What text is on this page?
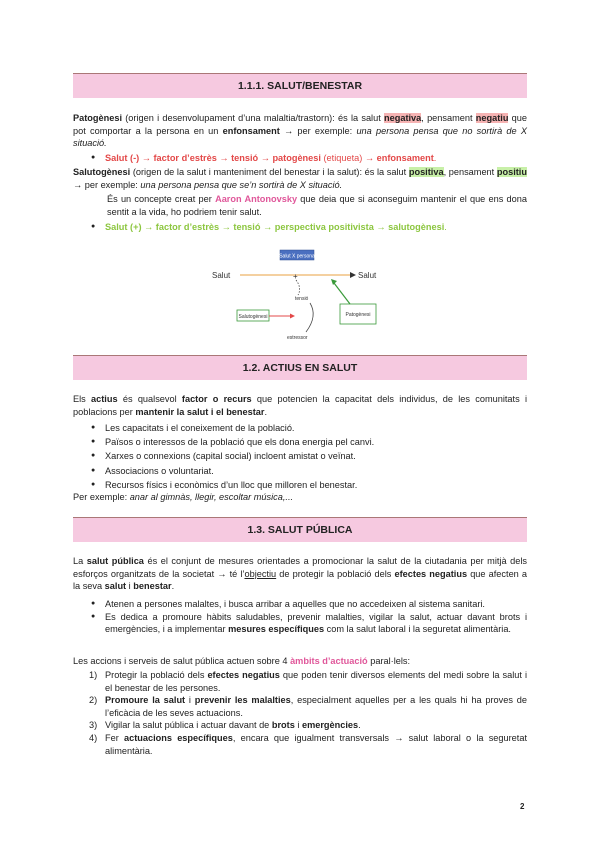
1.1.1. SALUT/BENESTAR
Patogènesi (origen i desenvolupament d’una malaltia/trastorn): és la salut negativa, pensament negatiu que pot comportar a la persona en un enfonsament → per exemple: una persona pensa que no sortirà de X situació.
● Salut (-) → factor d’estrès → tensió → patogènesi (etiqueta) → enfonsament.
Salutogènesi (origen de la salut i manteniment del benestar i la salut): és la salut positiva, pensament positiu → per exemple: una persona pensa que se’n sortirà de X situació.
És un concepte creat per Aaron Antonovsky que deia que si aconseguim mantenir el que ens dona sentit a la vida, ho podriem tenir salut.
● Salut (+) → factor d’estrès → tensió → perspectiva positivista → salutogènesi.
Salut X persona
Salut	Salut
+
tensió
estressor
Salutogènesi	Patogènesi
1.2. ACTIUS EN SALUT
Els actius és qualsevol factor o recurs que potencien la capacitat dels individus, de les comunitats i poblacions per mantenir la salut i el benestar.
● Les capacitats i el coneixement de la població.
● Països o interessos de la població que els dona energia pel canvi.
● Xarxes o connexions (capital social) incloent amistat o veïnat.
● Associacions o voluntariat.
● Recursos físics i econòmics d’un lloc que milloren el benestar.
Per exemple: anar al gimnàs, llegir, escoltar música,...
1.3. SALUT PÚBLICA
La salut pública és el conjunt de mesures orientades a promocionar la salut de la ciutadania per mitjà dels esforços organitzats de la societat → té l’objectiu de protegir la població dels efectes negatius que afecten a la seva salut i benestar.
● Atenen a persones malaltes, i busca arribar a aquelles que no accedeixen al sistema sanitari.
● Es dedica a promoure hàbits saludables, prevenir malalties, vigilar la salut, actuar davant brots i emergències, i a implementar mesures específiques com la salut laboral i la seguretat alimentària.
Les accions i serveis de salut pública actuen sobre 4 àmbits d’actuació paral·lels:
1) Protegir la població dels efectes negatius que poden tenir diversos elements del medi sobre la salut i el benestar de les persones.
2) Promoure la salut i prevenir les malalties, especialment aquelles per a les quals hi ha proves de l’eficàcia de les seves actuacions.
3) Vigilar la salut pública i actuar davant de brots i emergències.
4) Fer actuacions específiques, encara que igualment transversals → salut laboral o la seguretat alimentària.
2
